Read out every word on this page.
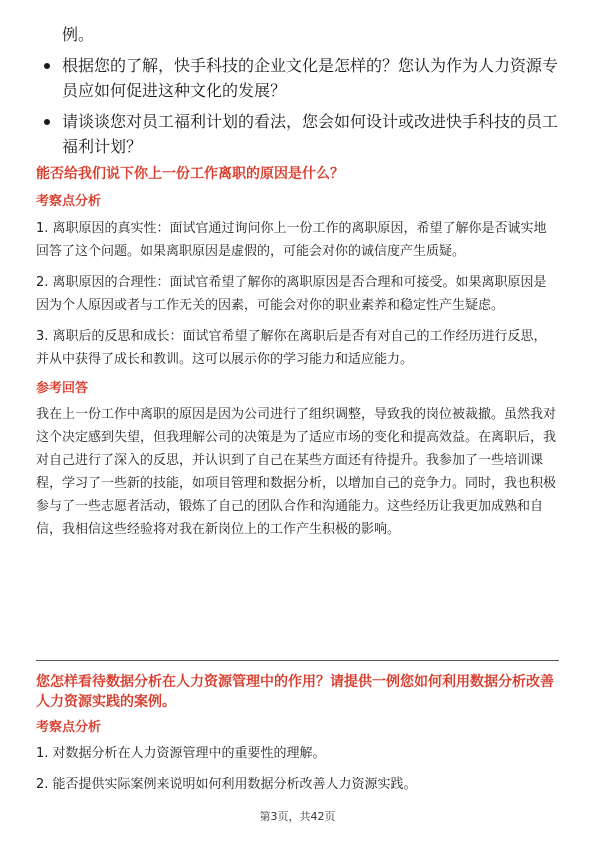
例。
根据您的了解，快手科技的企业文化是怎样的？您认为作为人力资源专员应如何促进这种文化的发展？
请谈谈您对员工福利计划的看法，您会如何设计或改进快手科技的员工福利计划？
能否给我们说下你上一份工作离职的原因是什么？
考察点分析

1. 离职原因的真实性：面试官通过询问你上一份工作的离职原因，希望了解你是否诚实地回答了这个问题。如果离职原因是虚假的，可能会对你的诚信度产生质疑。

2. 离职原因的合理性：面试官希望了解你的离职原因是否合理和可接受。如果离职原因是因为个人原因或者与工作无关的因素，可能会对你的职业素养和稳定性产生疑虑。

3. 离职后的反思和成长：面试官希望了解你在离职后是否有对自己的工作经历进行反思，并从中获得了成长和教训。这可以展示你的学习能力和适应能力。

参考回答

我在上一份工作中离职的原因是因为公司进行了组织调整，导致我的岗位被裁撤。虽然我对这个决定感到失望，但我理解公司的决策是为了适应市场的变化和提高效益。在离职后，我对自己进行了深入的反思，并认识到了自己在某些方面还有待提升。我参加了一些培训课程，学习了一些新的技能，如项目管理和数据分析，以增加自己的竞争力。同时，我也积极参与了一些志愿者活动，锻炼了自己的团队合作和沟通能力。这些经历让我更加成熟和自信，我相信这些经验将对我在新岗位上的工作产生积极的影响。

您怎样看待数据分析在人力资源管理中的作用？请提供一例您如何利用数据分析改善人力资源实践的案例。
考察点分析

1. 对数据分析在人力资源管理中的重要性的理解。

2. 能否提供实际案例来说明如何利用数据分析改善人力资源实践。

第3页，共42页
